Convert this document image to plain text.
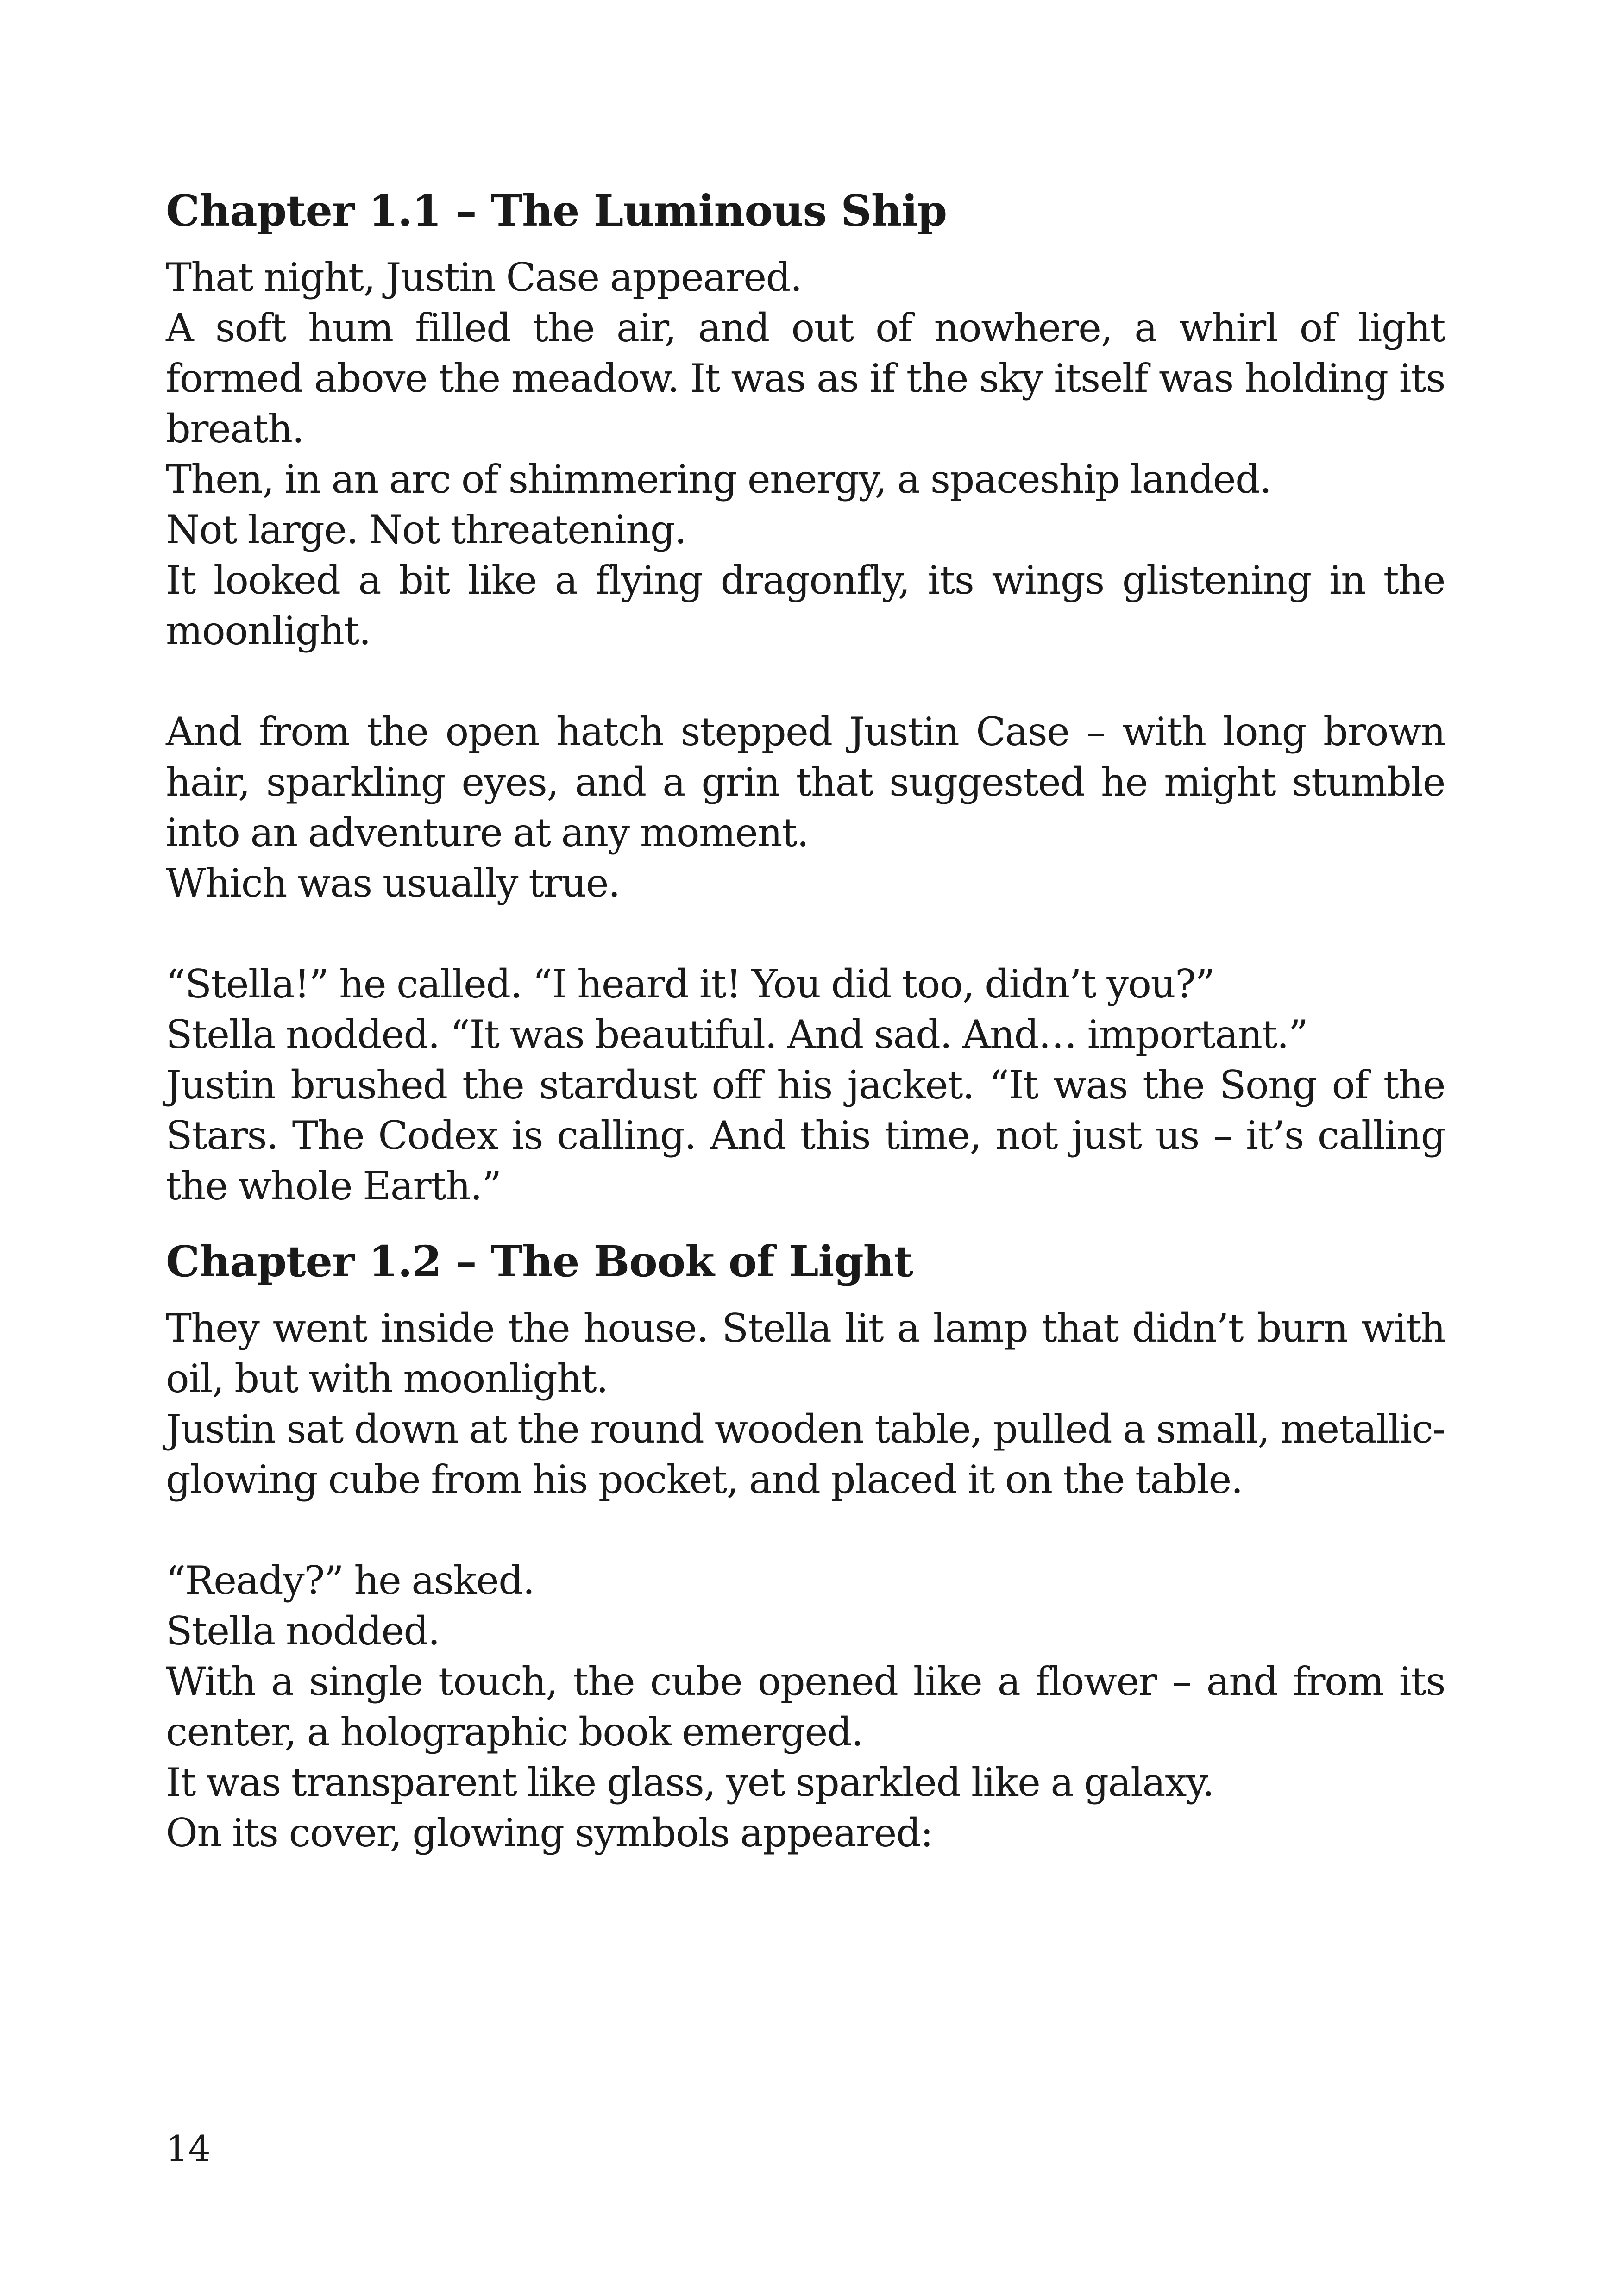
Chapter 1.1 – The Luminous Ship

That night, Justin Case appeared.

A soft hum filled the air, and out of nowhere, a whirl of light formed above the meadow. It was as if the sky itself was holding its breath.

Then, in an arc of shimmering energy, a spaceship landed.

Not large. Not threatening.

It looked a bit like a flying dragonfly, its wings glistening in the moonlight.

And from the open hatch stepped Justin Case – with long brown hair, sparkling eyes, and a grin that suggested he might stumble into an adventure at any moment.

Which was usually true.

“Stella!” he called. “I heard it! You did too, didn’t you?”

Stella nodded. “It was beautiful. And sad. And… important.”

Justin brushed the stardust off his jacket. “It was the Song of the Stars. The Codex is calling. And this time, not just us – it’s calling the whole Earth.”

Chapter 1.2 – The Book of Light

They went inside the house. Stella lit a lamp that didn’t burn with oil, but with moonlight.

Justin sat down at the round wooden table, pulled a small, metallic-glowing cube from his pocket, and placed it on the table.

“Ready?” he asked.

Stella nodded.

With a single touch, the cube opened like a flower – and from its center, a holographic book emerged.

It was transparent like glass, yet sparkled like a galaxy.

On its cover, glowing symbols appeared:

14
